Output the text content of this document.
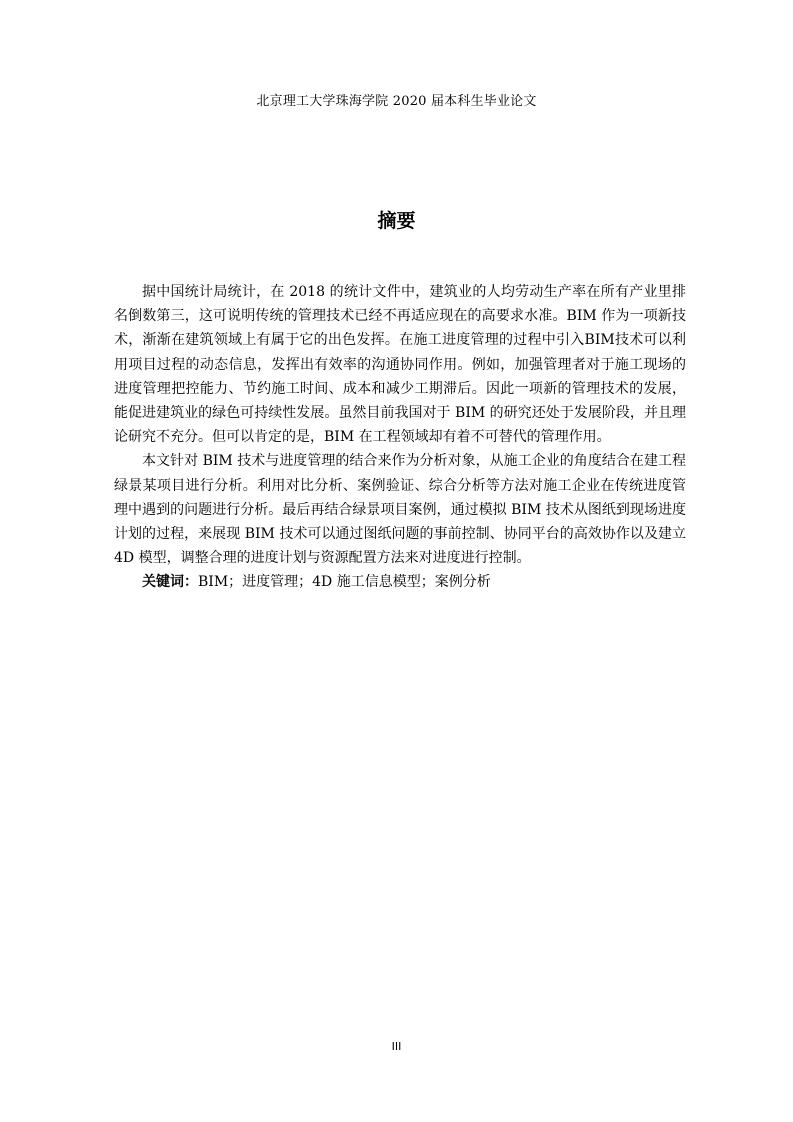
北京理工大学珠海学院 2020 届本科生毕业论文
摘要

据中国统计局统计，在 2018 的统计文件中，建筑业的人均劳动生产率在所有产业里排名倒数第三，这可说明传统的管理技术已经不再适应现在的高要求水准。BIM 作为一项新技术，渐渐在建筑领域上有属于它的出色发挥。在施工进度管理的过程中引入BIM技术可以利用项目过程的动态信息，发挥出有效率的沟通协同作用。例如，加强管理者对于施工现场的进度管理把控能力、节约施工时间、成本和减少工期滞后。因此一项新的管理技术的发展，能促进建筑业的绿色可持续性发展。虽然目前我国对于 BIM 的研究还处于发展阶段，并且理论研究不充分。但可以肯定的是，BIM 在工程领域却有着不可替代的管理作用。

本文针对 BIM 技术与进度管理的结合来作为分析对象，从施工企业的角度结合在建工程绿景某项目进行分析。利用对比分析、案例验证、综合分析等方法对施工企业在传统进度管理中遇到的问题进行分析。最后再结合绿景项目案例，通过模拟 BIM 技术从图纸到现场进度计划的过程，来展现 BIM 技术可以通过图纸问题的事前控制、协同平台的高效协作以及建立 4D 模型，调整合理的进度计划与资源配置方法来对进度进行控制。

关键词：BIM；进度管理；4D 施工信息模型；案例分析

III
